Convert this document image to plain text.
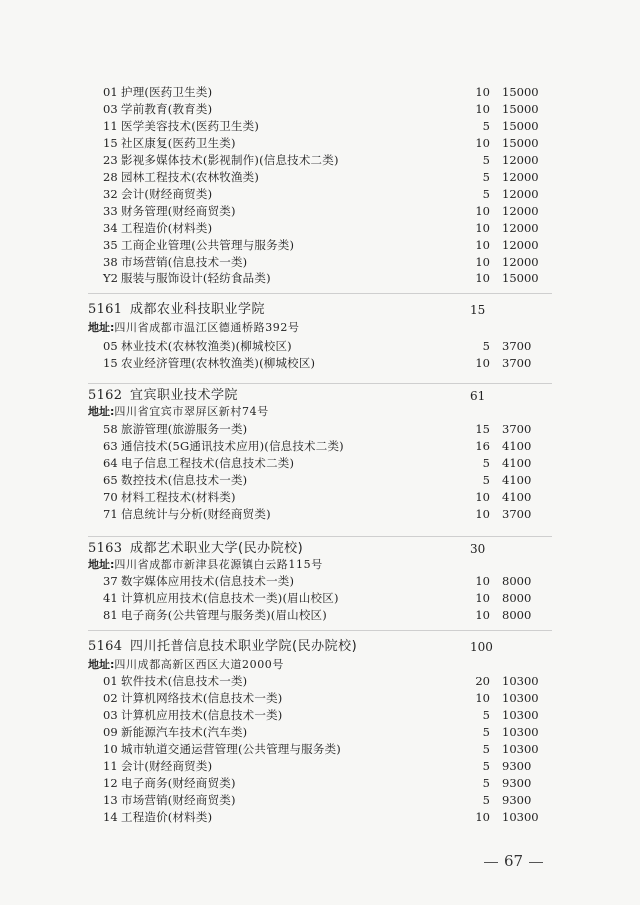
01 护理(医药卫生类)	10 15000
03 学前教育(教育类)	10 15000
11 医学美容技术(医药卫生类)	5 15000
15 社区康复(医药卫生类)	10 15000
23 影视多媒体技术(影视制作)(信息技术二类)	5 12000
28 园林工程技术(农林牧渔类)	5 12000
32 会计(财经商贸类)	5 12000
33 财务管理(财经商贸类)	10 12000
34 工程造价(材料类)	10 12000
35 工商企业管理(公共管理与服务类)	10 12000
38 市场营销(信息技术一类)	10 12000
Y2 服装与服饰设计(轻纺食品类)	10 15000
5161 成都农业科技职业学院	15
地址:四川省成都市温江区德通桥路392号
05 林业技术(农林牧渔类)(柳城校区)	5 3700
15 农业经济管理(农林牧渔类)(柳城校区)	10 3700
5162 宜宾职业技术学院	61
地址:四川省宜宾市翠屏区新村74号
58 旅游管理(旅游服务一类)	15 3700
63 通信技术(5G通讯技术应用)(信息技术二类)	16 4100
64 电子信息工程技术(信息技术二类)	5 4100
65 数控技术(信息技术一类)	5 4100
70 材料工程技术(材料类)	10 4100
71 信息统计与分析(财经商贸类)	10 3700
5163 成都艺术职业大学(民办院校)	30
地址:四川省成都市新津县花源镇白云路115号
37 数字媒体应用技术(信息技术一类)	10 8000
41 计算机应用技术(信息技术一类)(眉山校区)	10 8000
81 电子商务(公共管理与服务类)(眉山校区)	10 8000
5164 四川托普信息技术职业学院(民办院校)	100
地址:四川成都高新区西区大道2000号
01 软件技术(信息技术一类)	20 10300
02 计算机网络技术(信息技术一类)	10 10300
03 计算机应用技术(信息技术一类)	5 10300
09 新能源汽车技术(汽车类)	5 10300
10 城市轨道交通运营管理(公共管理与服务类)	5 10300
11 会计(财经商贸类)	5 9300
12 电子商务(财经商贸类)	5 9300
13 市场营销(财经商贸类)	5 9300
14 工程造价(材料类)	10 10300
67
